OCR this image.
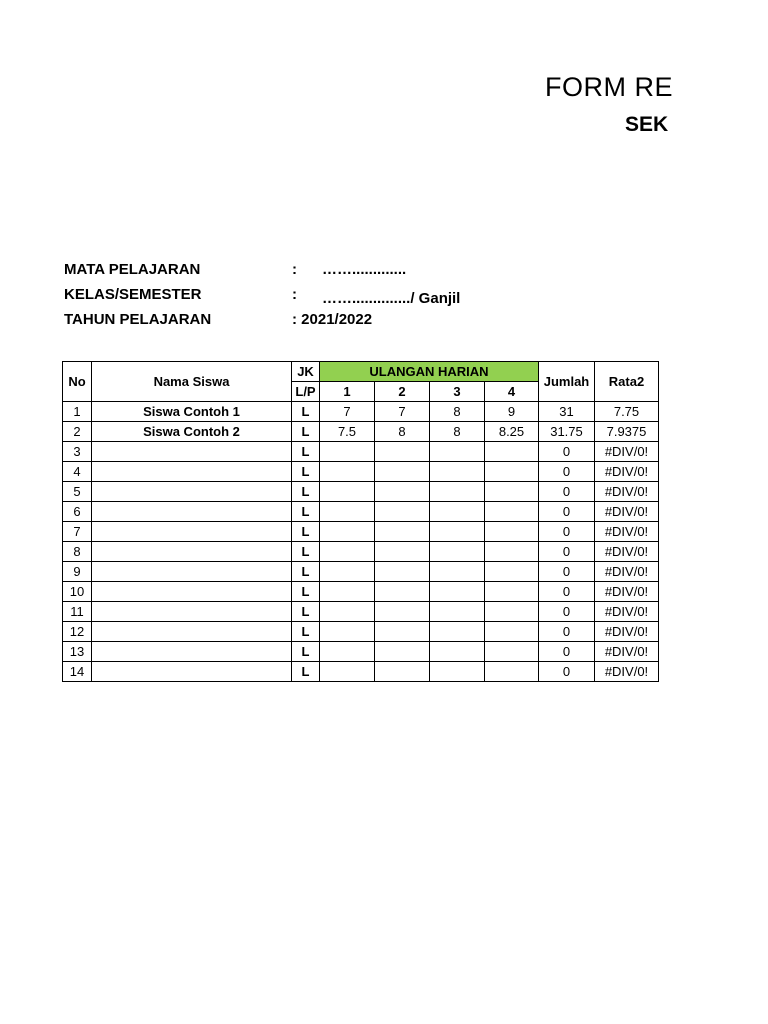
FORM RE
SEK
MATA PELAJARAN	: …….............
KELAS/SEMESTER	: ……............../ Ganjil
TAHUN PELAJARAN	: 2021/2022
No	Nama Siswa	JK	ULANGAN HARIAN				Jumlah	Rata2
		L/P	1	2	3	4		
1	Siswa Contoh 1	L	7	7	8	9	31	7.75
2	Siswa Contoh 2	L	7.5	8	8	8.25	31.75	7.9375
3		L					0	#DIV/0!
4		L					0	#DIV/0!
5		L					0	#DIV/0!
6		L					0	#DIV/0!
7		L					0	#DIV/0!
8		L					0	#DIV/0!
9		L					0	#DIV/0!
10		L					0	#DIV/0!
11		L					0	#DIV/0!
12		L					0	#DIV/0!
13		L					0	#DIV/0!
14		L					0	#DIV/0!
